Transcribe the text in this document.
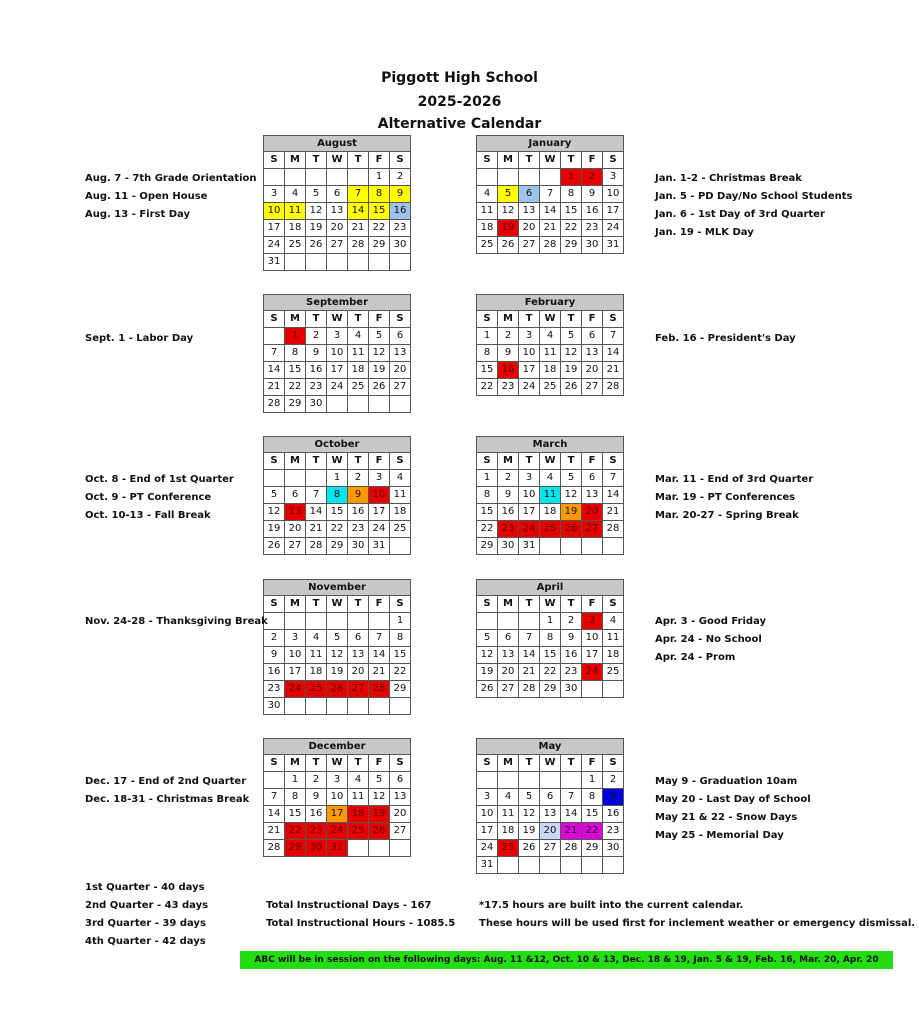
Piggott High School
2025-2026
Alternative Calendar
August						
S	M	T	W	T	F	S
					1	2
3	4	5	6	7	8	9
10	11	12	13	14	15	16
17	18	19	20	21	22	23
24	25	26	27	28	29	30
31						
January						
S	M	T	W	T	F	S
				1	2	3
4	5	6	7	8	9	10
11	12	13	14	15	16	17
18	19	20	21	22	23	24
25	26	27	28	29	30	31
September						
S	M	T	W	T	F	S
	1	2	3	4	5	6
7	8	9	10	11	12	13
14	15	16	17	18	19	20
21	22	23	24	25	26	27
28	29	30				
February						
S	M	T	W	T	F	S
1	2	3	4	5	6	7
8	9	10	11	12	13	14
15	16	17	18	19	20	21
22	23	24	25	26	27	28
October						
S	M	T	W	T	F	S
			1	2	3	4
5	6	7	8	9	10	11
12	13	14	15	16	17	18
19	20	21	22	23	24	25
26	27	28	29	30	31	
March						
S	M	T	W	T	F	S
1	2	3	4	5	6	7
8	9	10	11	12	13	14
15	16	17	18	19	20	21
22	23	24	25	26	27	28
29	30	31				
November						
S	M	T	W	T	F	S
						1
2	3	4	5	6	7	8
9	10	11	12	13	14	15
16	17	18	19	20	21	22
23	24	25	26	27	28	29
30						
April						
S	M	T	W	T	F	S
			1	2	3	4
5	6	7	8	9	10	11
12	13	14	15	16	17	18
19	20	21	22	23	24	25
26	27	28	29	30		
December						
S	M	T	W	T	F	S
	1	2	3	4	5	6
7	8	9	10	11	12	13
14	15	16	17	18	19	20
21	22	23	24	25	26	27
28	29	30	31			
May						
S	M	T	W	T	F	S
					1	2
3	4	5	6	7	8	9
10	11	12	13	14	15	16
17	18	19	20	21	22	23
24	25	26	27	28	29	30
31						
Aug. 7 - 7th Grade Orientation
Aug. 11 - Open House
Aug. 13 - First Day
Sept. 1 - Labor Day
Oct. 8 - End of 1st Quarter
Oct. 9 - PT Conference
Oct. 10-13 - Fall Break
Nov. 24-28 - Thanksgiving Break
Dec. 17 - End of 2nd Quarter
Dec. 18-31 - Christmas Break
Jan. 1-2 - Christmas Break
Jan. 5 - PD Day/No School Students
Jan. 6 - 1st Day of 3rd Quarter
Jan. 19 - MLK Day
Feb. 16 - President's Day
Mar. 11 - End of 3rd Quarter
Mar. 19 - PT Conferences
Mar. 20-27 - Spring Break
Apr. 3 - Good Friday
Apr. 24 - No School
Apr. 24 - Prom
May 9 - Graduation 10am
May 20 - Last Day of School
May 21 & 22 - Snow Days
May 25 - Memorial Day
1st Quarter - 40 days
2nd Quarter - 43 days
3rd Quarter - 39 days
4th Quarter - 42 days
Total Instructional Days - 167
Total Instructional Hours - 1085.5
*17.5 hours are built into the current calendar.
These hours will be used first for inclement weather or emergency dismissal.
ABC will be in session on the following days: Aug. 11 &12, Oct. 10 & 13, Dec. 18 & 19, Jan. 5 & 19, Feb. 16, Mar. 20, Apr. 20
